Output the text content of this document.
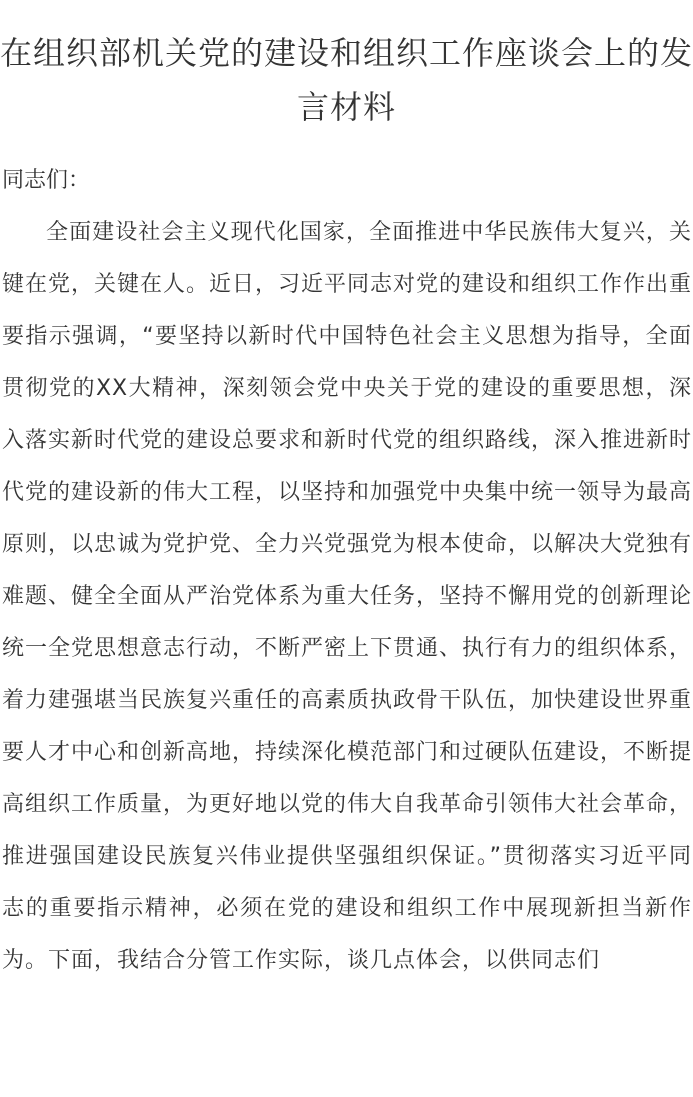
在组织部机关党的建设和组织工作座谈会上的发言材料
同志们：

全面建设社会主义现代化国家，全面推进中华民族伟大复兴，关键在党，关键在人。近日，习近平同志对党的建设和组织工作作出重要指示强调，“要坚持以新时代中国特色社会主义思想为指导，全面贯彻党的XX大精神，深刻领会党中央关于党的建设的重要思想，深入落实新时代党的建设总要求和新时代党的组织路线，深入推进新时代党的建设新的伟大工程，以坚持和加强党中央集中统一领导为最高原则，以忠诚为党护党、全力兴党强党为根本使命，以解决大党独有难题、健全全面从严治党体系为重大任务，坚持不懈用党的创新理论统一全党思想意志行动，不断严密上下贯通、执行有力的组织体系，着力建强堪当民族复兴重任的高素质执政骨干队伍，加快建设世界重要人才中心和创新高地，持续深化模范部门和过硬队伍建设，不断提高组织工作质量，为更好地以党的伟大自我革命引领伟大社会革命，推进强国建设民族复兴伟业提供坚强组织保证。”贯彻落实习近平同志的重要指示精神，必须在党的建设和组织工作中展现新担当新作为。下面，我结合分管工作实际，谈几点体会，以供同志们
